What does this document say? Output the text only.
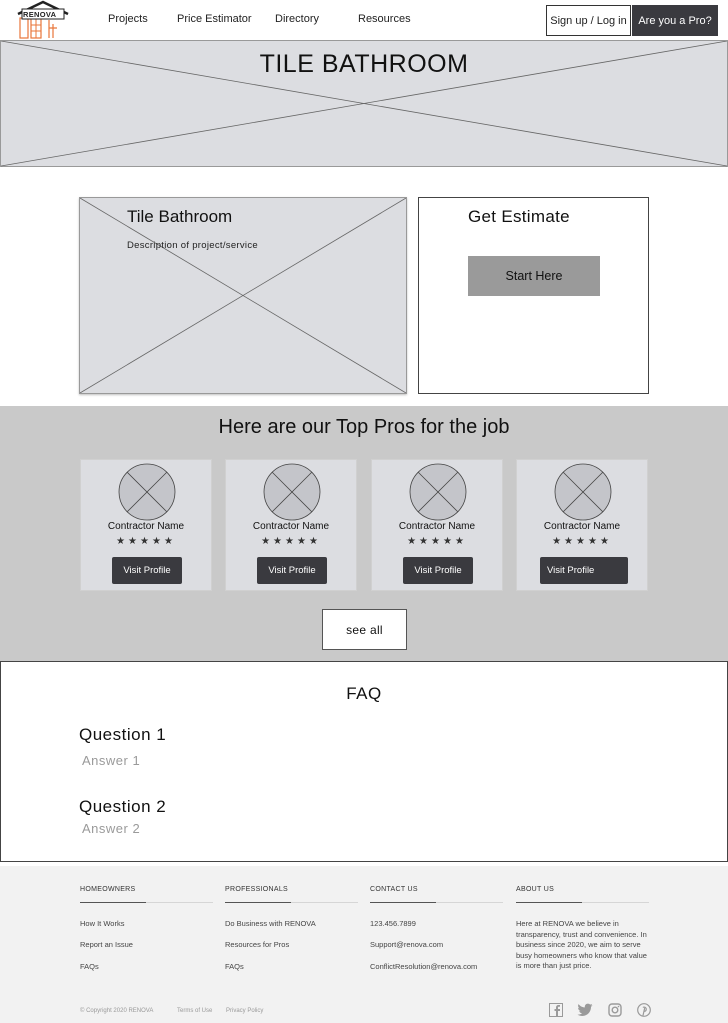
RENOVA	Projects	Price Estimator Directory	Resources	Sign up / Log in	Are you a Pro?
TILE BATHROOM
Tile Bathroom
Description of project/service
Get Estimate
Start Here
Here are our Top Pros for the job
Contractor Name
★★★★★
Visit Profile
Contractor Name
★★★★★
Visit Profile
Contractor Name
★★★★★
Visit Profile
Contractor Name
★★★★★
Visit Profile
see all
FAQ
Question 1
Answer 1
Question 2
Answer 2
HOMEOWNERS
How It Works
Report an Issue
FAQs
PROFESSIONALS
Do Business with RENOVA
Resources for Pros
FAQs
CONTACT US
123.456.7899
Support@renova.com
ConflictResolution@renova.com
ABOUT US
Here at RENOVA we believe in transparency, trust and convenience. In business since 2020, we aim to serve busy homeowners who know that value is more than just price.
© Copyright 2020 RENOVA	Terms of Use Privacy Policy
